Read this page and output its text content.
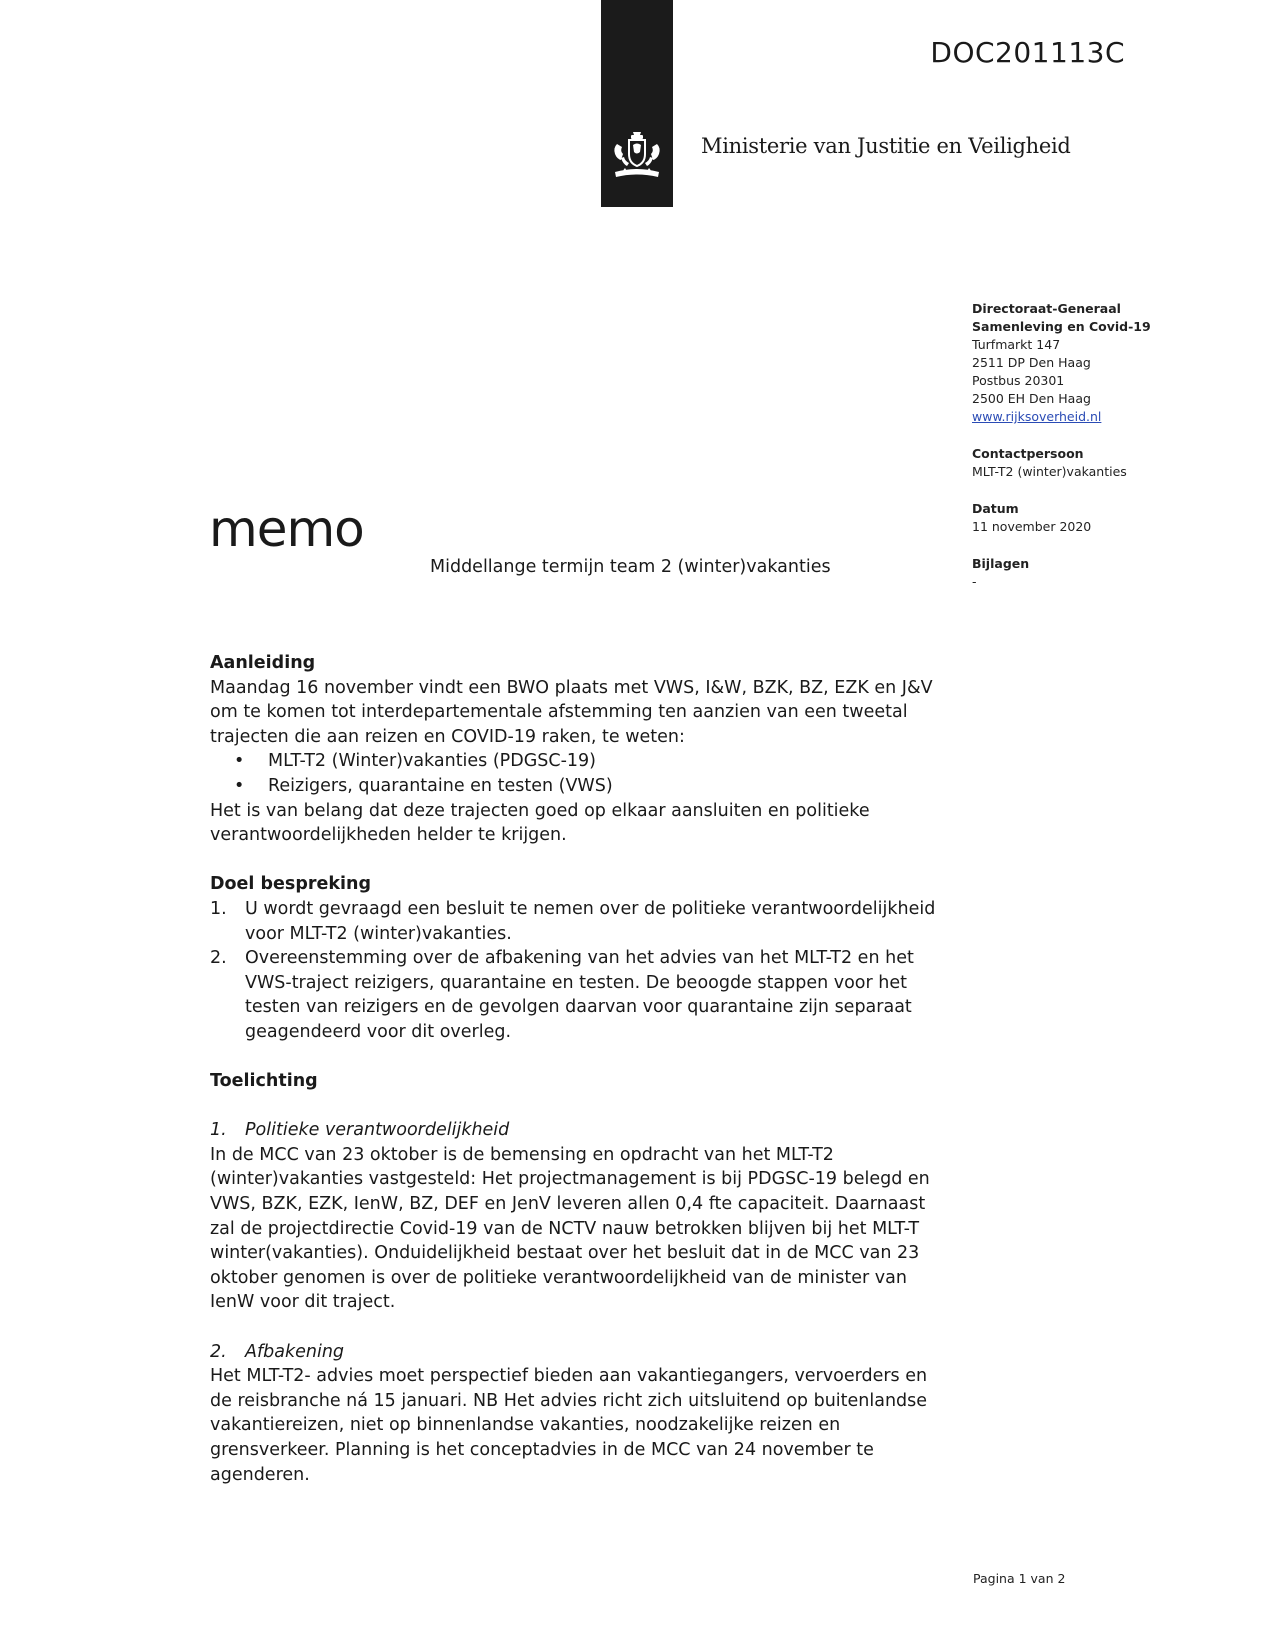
DOC201113C
Ministerie van Justitie en Veiligheid
Directoraat-Generaal
Samenleving en Covid-19
Turfmarkt 147
2511 DP Den Haag
Postbus 20301
2500 EH Den Haag
www.rijksoverheid.nl
Contactpersoon
MLT-T2 (winter)vakanties
Datum
11 november 2020
Bijlagen
-
memo
Middellange termijn team 2 (winter)vakanties

Aanleiding

Maandag 16 november vindt een BWO plaats met VWS, I&W, BZK, BZ, EZK en J&V om te komen tot interdepartementale afstemming ten aanzien van een tweetal trajecten die aan reizen en COVID-19 raken, te weten:

• MLT-T2 (Winter)vakanties (PDGSC-19)
• Reizigers, quarantaine en testen (VWS)

Het is van belang dat deze trajecten goed op elkaar aansluiten en politieke verantwoordelijkheden helder te krijgen.

Doel bespreking

1. U wordt gevraagd een besluit te nemen over de politieke verantwoordelijkheid voor MLT-T2 (winter)vakanties.
2. Overeenstemming over de afbakening van het advies van het MLT-T2 en het VWS-traject reizigers, quarantaine en testen. De beoogde stappen voor het testen van reizigers en de gevolgen daarvan voor quarantaine zijn separaat geagendeerd voor dit overleg.

Toelichting

1. Politieke verantwoordelijkheid

In de MCC van 23 oktober is de bemensing en opdracht van het MLT-T2 (winter)vakanties vastgesteld: Het projectmanagement is bij PDGSC-19 belegd en VWS, BZK, EZK, IenW, BZ, DEF en JenV leveren allen 0,4 fte capaciteit. Daarnaast zal de projectdirectie Covid-19 van de NCTV nauw betrokken blijven bij het MLT-T winter(vakanties). Onduidelijkheid bestaat over het besluit dat in de MCC van 23 oktober genomen is over de politieke verantwoordelijkheid van de minister van IenW voor dit traject.

2. Afbakening

Het MLT-T2- advies moet perspectief bieden aan vakantiegangers, vervoerders en de reisbranche ná 15 januari. NB Het advies richt zich uitsluitend op buitenlandse vakantiereizen, niet op binnenlandse vakanties, noodzakelijke reizen en grensverkeer. Planning is het conceptadvies in de MCC van 24 november te agenderen.

Pagina 1 van 2
